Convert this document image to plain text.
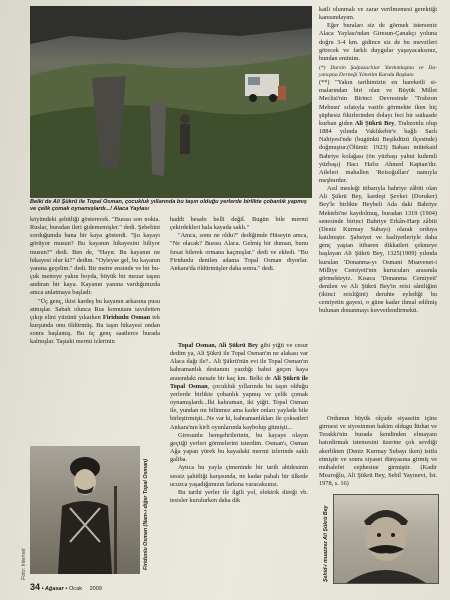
Belki de Ali Şükrü ile Topal Osman, çocukluk yıllarında bu taşın olduğu yerlerde birlikte çobanlık yapmış ve çelik çomak oynamışlardı...! Alaca Yaylası

köyündeki şehitliği gösterecek. "Burası son nokta. Ruslar, buradan ileri gidememişler." dedi. Şebebini sorduğumda bana bir kaya gösterdi. "Şu kayayı görüyor musun? Bu kayanın hikayesini biliyor musun?" dedi. Ben de, "Hayır. Bu kayanın ne hikayesi olur ki?" dedim. "Oyleyse gel, bu kayanın yanına geçelim." dedi. Bir metre ensinde ve bir bu-çuk metreye yakın boyda, büyük bir mezar taşını andıran bir kaya. Kayanın yanına vardığımızda amca anlatmaya başladı:

"Üç genç, ikisi kardeş bu kayanın arkasına pusu atmışlar. Sabah olunca Rus komutanı tavuletten çıkıp elini yüzünü yıkarken Firidunlu Osman tek kurşunda onu öldürmüş. Bu taşın hikayesi ondan sonra başlamış. Bu üç genç saatlerce burada kalmışlar. Taştaki mermi izlerinin

haddi hesabı belli değil. Bugün bile mermi çekirdekleri hala kayada saklı."

"Amca, sonu ne oldu?" dediğimde Hüseyin amca, "Ne olacak? Burası Alaca. Gelmiş bir duman, bunu fırsat bilerek ormana kaçmışlar." dedi ve ekledi. "Bu Firidunlu denilen adama Topal Osman diyorlar. Ankara'da öldürmüşler daha sonra." dedi.

Topal Osman, Ali Şükrü Bey gibi yiğit ve cesur dedim ya, Ali Şükrü ile Topal Osman'ın ne alakası var Alaca dağı ile?.. Ali Şükrü'nün evi ile Topal Osman'ın kahramanlık destanını yazdığı bahsi geçen kaya arasındaki mesafe bir kaç km. Belki de Ali Şükrü ile Topal Osman, çocukluk yıllarında bu taşın olduğu yerlerde birlikte çobanlık yapmış ve çelik çomak oynamışlardı...İki kahraman, iki yiğit. Topal Osman ile, yundan mı bilinmez ama kader onları yaylada bile birleştirmişti...Ne var ki, kahramanlıkları ile çoksatleri Ankara'nın kirli oyunlarında kaybolup gitmişti...

Giresunlu hemşehrilerinin, bu kayaye olayın geçtiği yerleri görmelerini isterdim. Osman'ı, Osman Ağa yapan yürek bu kayadaki mermi izlerinde saklı galiba.

Aytıca bu yayla çimeninde bir tarih abidesinin sessiz şahitliği karşısında, ne kadar pahalı bir ülkede ucuzca yaşadığımızın farkına varacaksınız.

Bu tarihi yerler ile ilgili yol, elektrik direği vb. tesisler kurulurken daha dik

katli olunmalı ve zarar verilmemesi gerektiği kanısındayım.

Eğer buraları siz de görmek isterseniz Alaca Yaylası'ndan Giresun-Çanakçı yoluna doğru 3-4 km. gidince siz de bu mevzileri görecek ve farklı duygular yaşayacaksınız, bundan eminim.

(*) Dursin Şalpazarlılar Yardımlaşma ve Dayanışma Derneği Yönetim Kurulu Başkanı

(**) "Yakın tarihimizin en hareketli simalarından biri olan ve Büyük Millet Meclisi'nin Birinci Devresinde 'Trabzon Mebusu' sıfatıyla vazife görmekte iken hiç şüphesiz fikirlerinden dolayı feci bir suikasde kurban giden Ali Şükrü Bey, Trabzonlu olup 1884 yılında Vakfıkebir'e bağlı Sarlı Nahiyesi'nde (bugünkü Beşikdüzü ilçesinde) doğmuştur.(Ölümü: 1923) Babası mütekaid Bahriye kolağası (ön yüzbaşı yahut kıdemli yüzbaşı) Hacı Hafız Ahmed Kaptan'dır. Aileleri mahallen 'Reisoğulları' namıyla meşhurdur.

Asıl mesleği itibarıyla bahriye zâbiti olan Ali Şükrü Bey, kardeşi Şevket (Doruker) Bey'le birlikte Heybeli Ada daki Bahriye Mektebi'ne kaydolmuş, buradan 1319 (1904) senesinde birinci Bahriye Erkân-Harp zâbiti (Deniz Kurmay Subayı) olarak orduya katılmıştır. Şahsiyet ve faaliyetleriyle daha genç yaştan itibaren dikkatleri çekmeye başlayan Ali Şükrü Bey, 1325(1909) yılında kurulan 'Donanma-yı Osmani Muavenet-i Milliye Cemiyeti'nin kurucuları arasında görmekteyiz. Kısaca 'Donanma Cemiyeti' denilen ve Ali Şükrü Bey'in reisi sâniliğini (ikinci reisliğini) deruhte eylediği bu cemiyetin gayesi, o güne kadar ihmal edilmiş bulunan donanmayı kuvvetlendirmekti.

Ordunun büyük olçude siyasetin içine girmesi ve siyosinmın hakim oldugu İttıhat ve Terakkı'nin burada kendinden elmayanı hatırdirmak istemesini üzerine çok sevdiği akerlikten (Deniz Kurmay Subayı iken) istifa etmiştir ve sonra siyaset dünyasına girmiş ve muhalefet cephesine girmiştir. (Kadir Mısıroğlu, Ali Şükrü Bey, Sebil Yayınevi, İst. 1978, s. 16)

Firidunlu Osman (Nam-ı diğer Topal Osman)
Foto: Internet	Şehid-i muazzez Ali Şükrü Bey
34 • Ağasar • Ocak 2009
